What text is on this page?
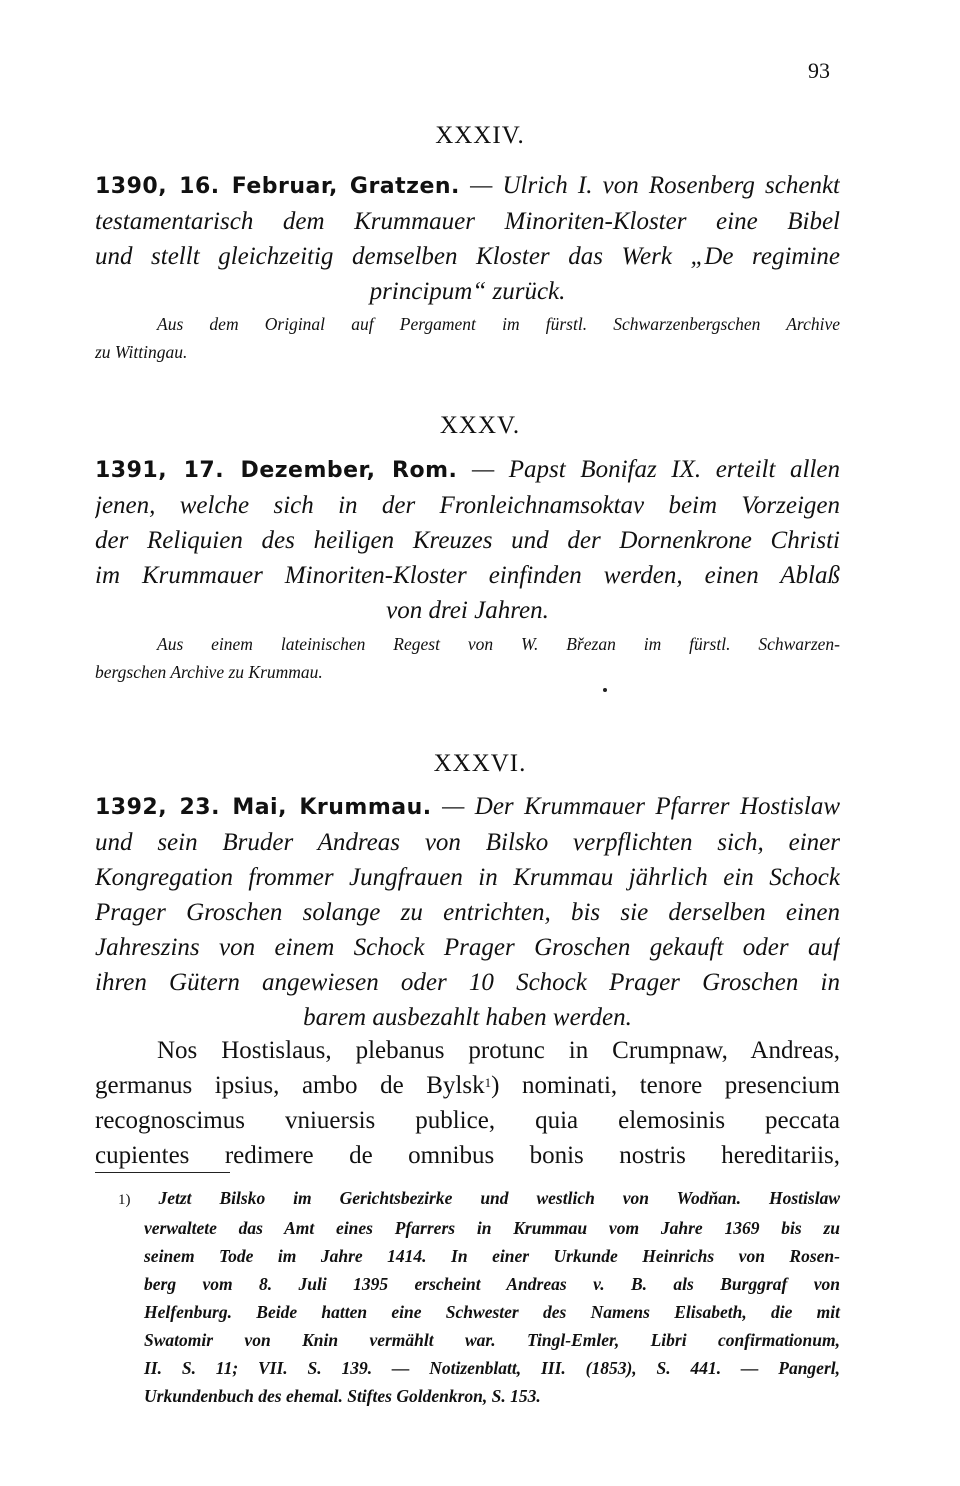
93
XXXIV.
1390, 16. Februar, Gratzen. — Ulrich I. von Rosenberg schenkt
testamentarisch dem Krummauer Minoriten-Kloster eine Bibel
und stellt gleichzeitig demselben Kloster das Werk „De regimine
principum“ zurück.
Aus dem Original auf Pergament im fürstl. Schwarzenbergschen Archive
zu Wittingau.
XXXV.
1391, 17. Dezember, Rom. — Papst Bonifaz IX. erteilt allen
jenen, welche sich in der Fronleichnamsoktav beim Vorzeigen
der Reliquien des heiligen Kreuzes und der Dornenkrone Christi
im Krummauer Minoriten-Kloster einfinden werden, einen Ablaß
von drei Jahren.
Aus einem lateinischen Regest von W. Březan im fürstl. Schwarzen-
bergschen Archive zu Krummau.
XXXVI.
1392, 23. Mai, Krummau. — Der Krummauer Pfarrer Hostislaw
und sein Bruder Andreas von Bilsko verpflichten sich, einer
Kongregation frommer Jungfrauen in Krummau jährlich ein Schock
Prager Groschen solange zu entrichten, bis sie derselben einen
Jahreszins von einem Schock Prager Groschen gekauft oder auf
ihren Gütern angewiesen oder 10 Schock Prager Groschen in
barem ausbezahlt haben werden.
Nos Hostislaus, plebanus protunc in Crumpnaw, Andreas,
germanus ipsius, ambo de Bylsk$^1$) nominati, tenore presencium
recognoscimus vniuersis publice, quia elemosinis peccata
cupientes redimere de omnibus bonis nostris hereditariis,
1) Jetzt Bilsko im Gerichtsbezirke und westlich von Wodňan. Hostislaw
verwaltete das Amt eines Pfarrers in Krummau vom Jahre 1369 bis zu
seinem Tode im Jahre 1414. In einer Urkunde Heinrichs von Rosen-
berg vom 8. Juli 1395 erscheint Andreas v. B. als Burggraf von
Helfenburg. Beide hatten eine Schwester des Namens Elisabeth, die mit
Swatomir von Knin vermählt war. Tingl-Emler, Libri confirmationum,
II. S. 11; VII. S. 139. — Notizenblatt, III. (1853), S. 441. — Pangerl,
Urkundenbuch des ehemal. Stiftes Goldenkron, S. 153.
